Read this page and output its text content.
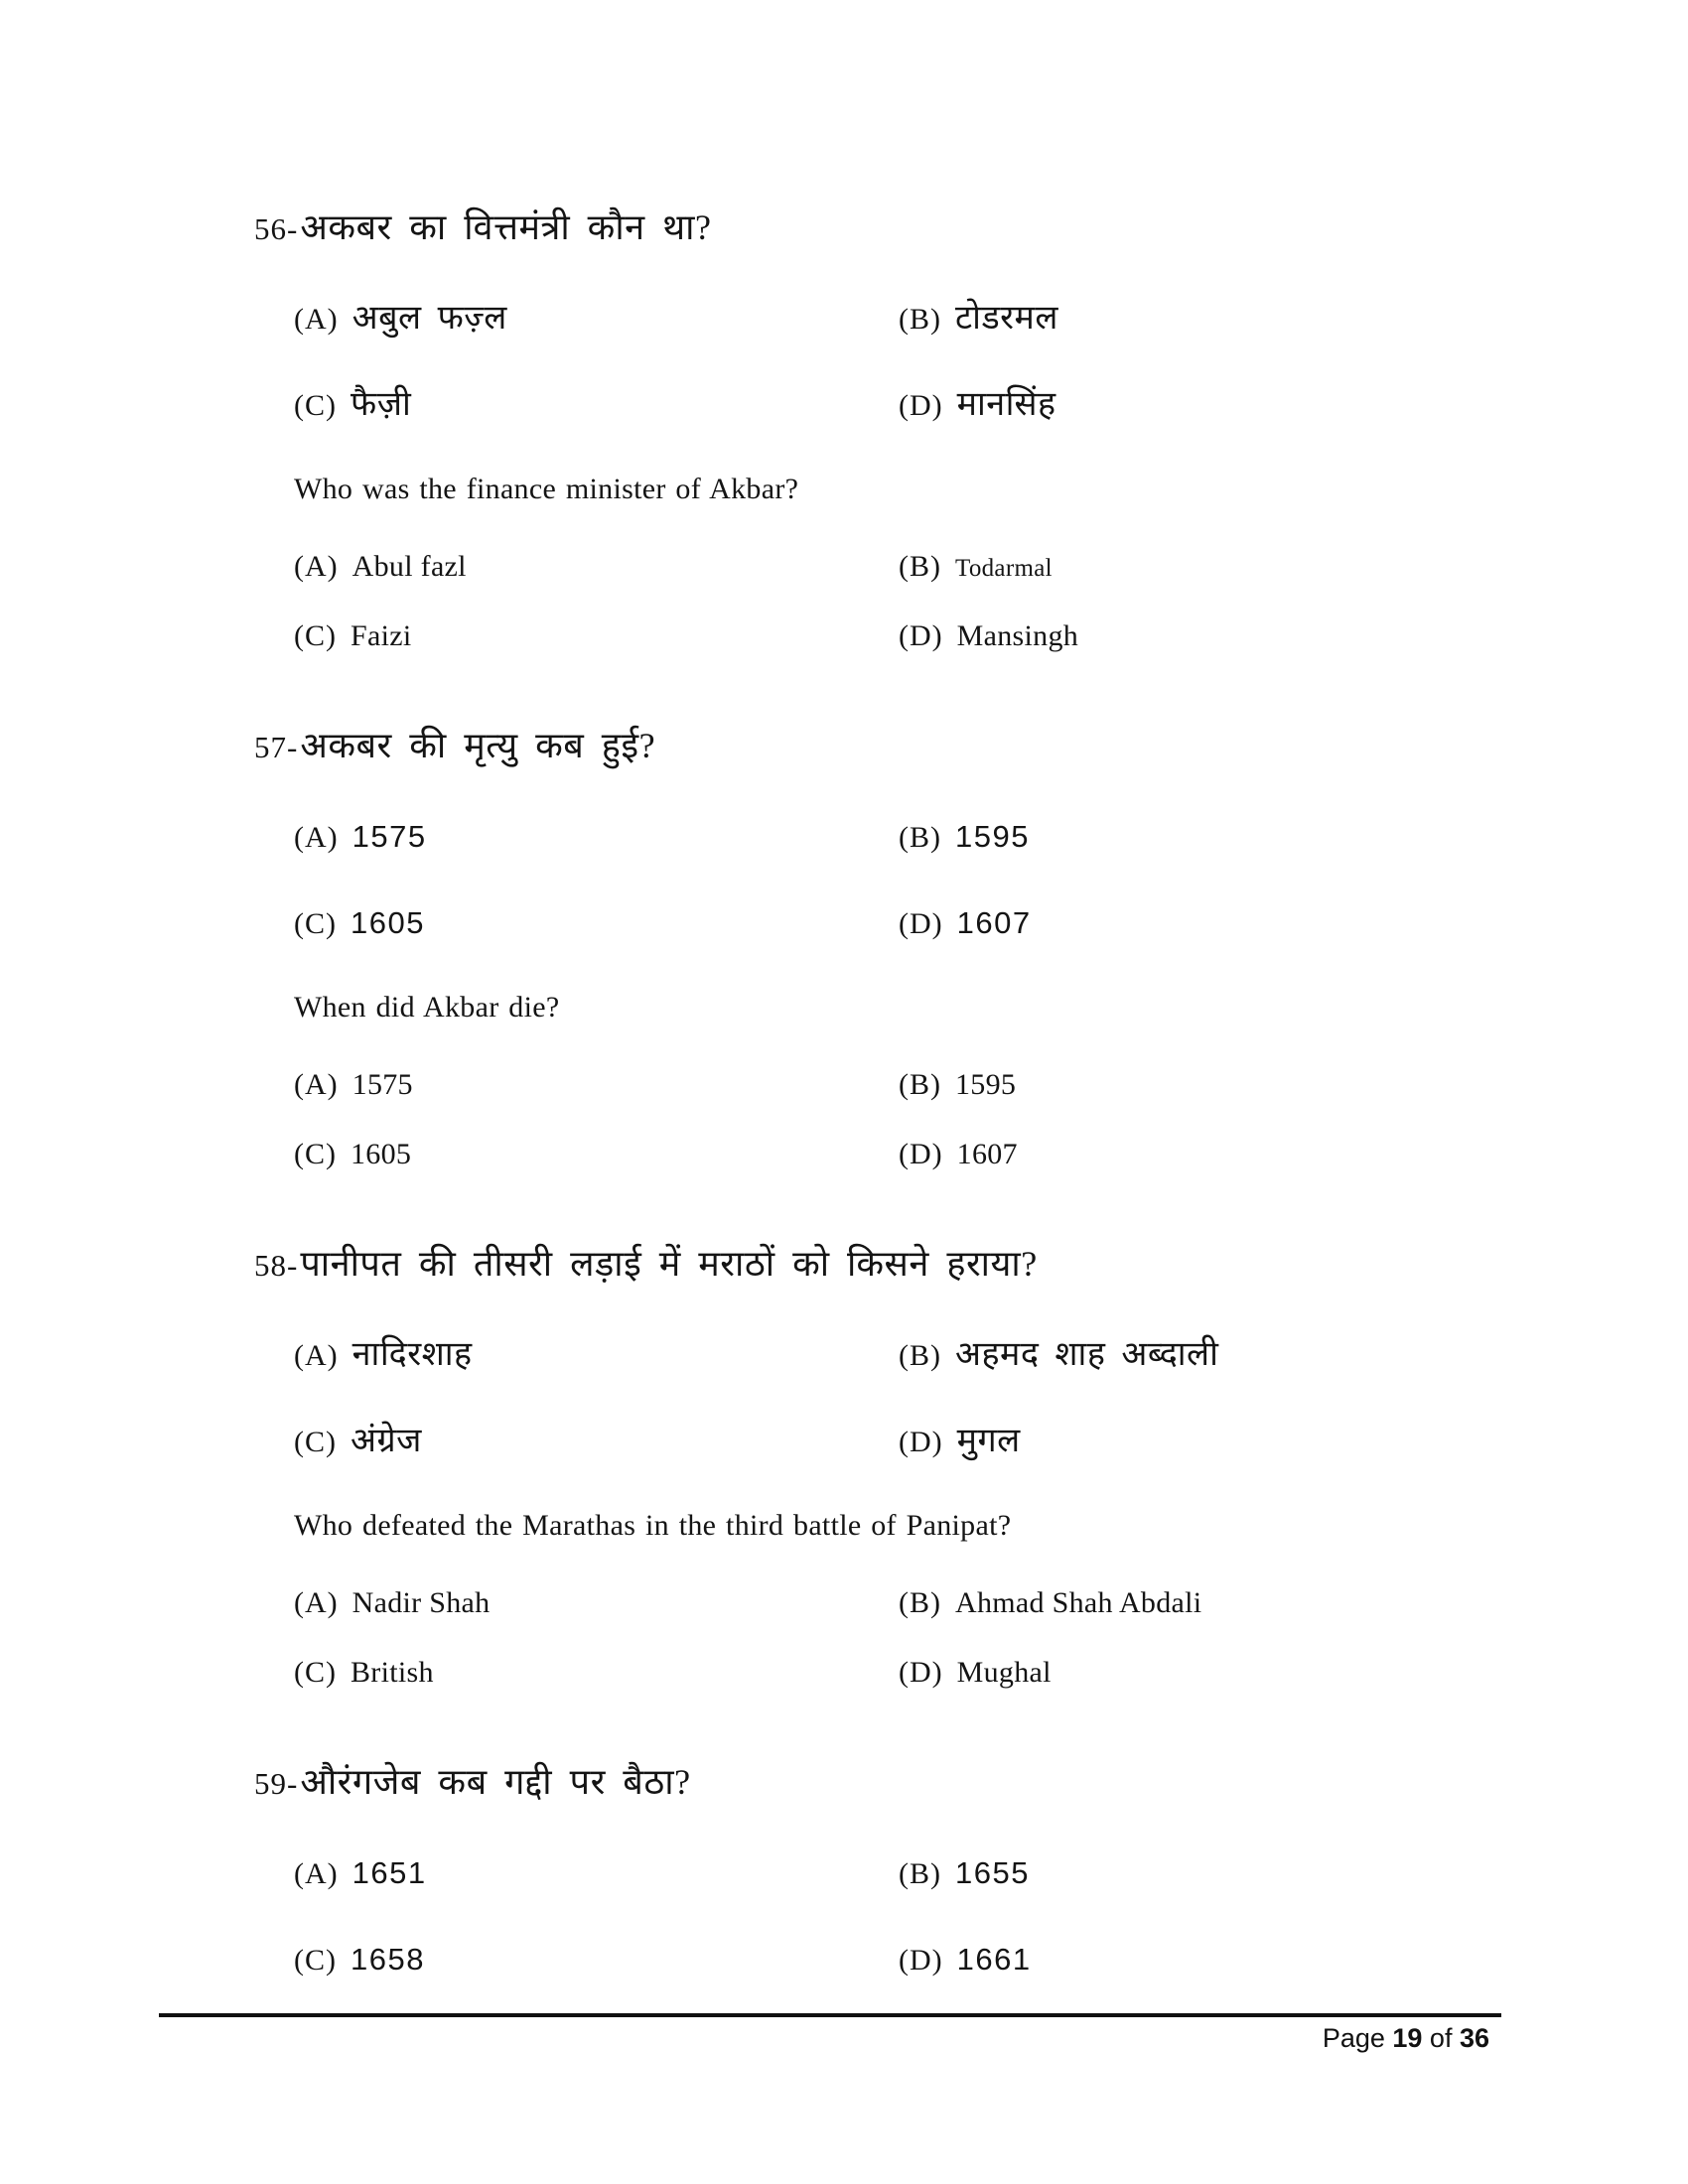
56-अकबर का वित्तमंत्री कौन था?
(A) अबुल फज़्ल	(B) टोडरमल
(C) फैज़ी	(D) मानसिंह

Who was the finance minister of Akbar?

(A) Abul fazl	(B) Todarmal
(C) Faizi	(D) Mansingh
57-अकबर की मृत्यु कब हुई?
(A) 1575	(B) 1595
(C) 1605	(D) 1607

When did Akbar die?

(A) 1575	(B) 1595
(C) 1605	(D) 1607
58-पानीपत की तीसरी लड़ाई में मराठों को किसने हराया?
(A) नादिरशाह	(B) अहमद शाह अब्दाली
(C) अंग्रेज	(D) मुगल

Who defeated the Marathas in the third battle of Panipat?

(A) Nadir Shah	(B) Ahmad Shah Abdali
(C) British	(D) Mughal
59-औरंगजेब कब गद्दी पर बैठा?
(A) 1651	(B) 1655
(C) 1658	(D) 1661
Page 19 of 36
